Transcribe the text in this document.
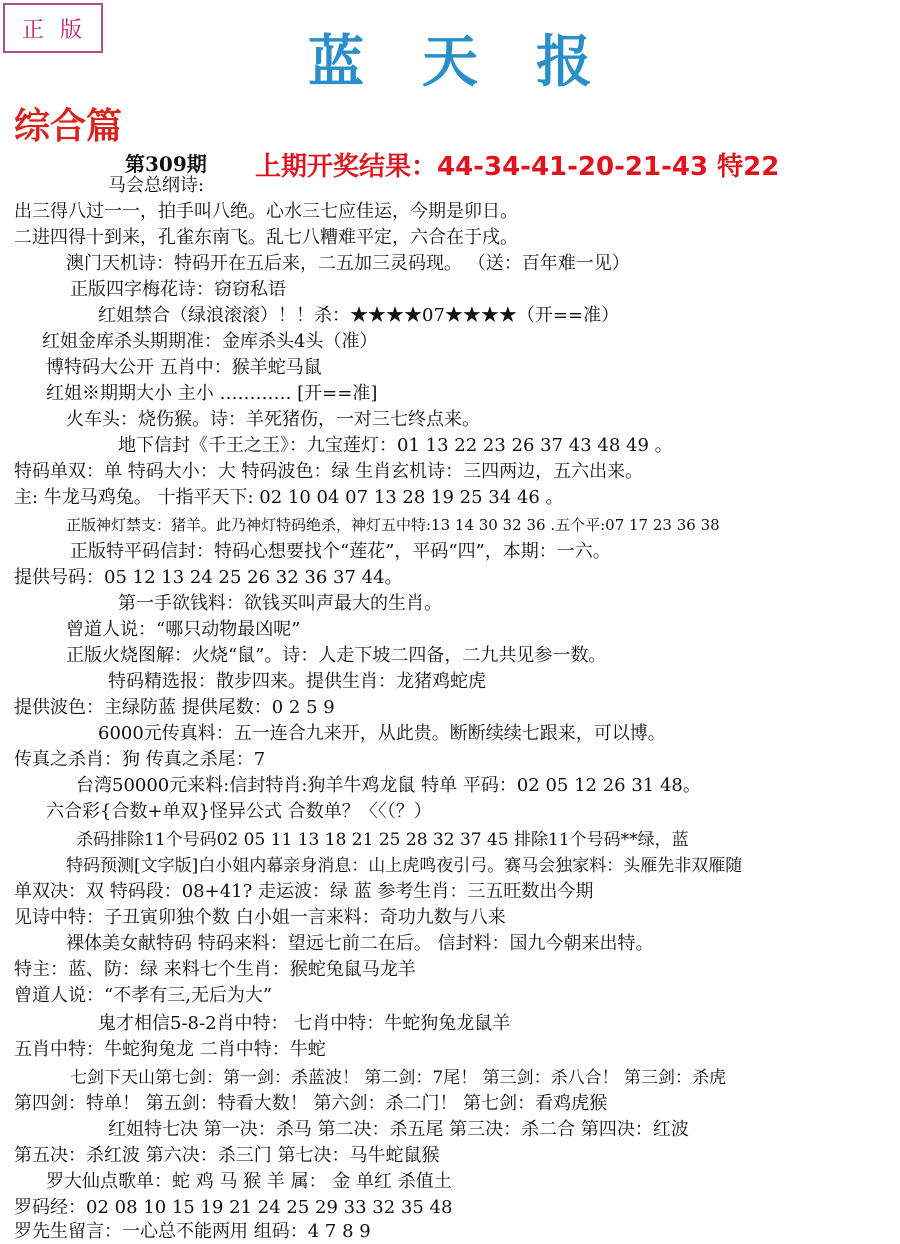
正版	蓝天报
综合篇
第309期 上期开奖结果：44-34-41-20-21-43 特22
马会总纲诗:
出三得八过一一，拍手叫八绝。心水三七应佳运，今期是卯日。
二进四得十到来，孔雀东南飞。乱七八糟难平定，六合在于戌。
澳门天机诗：特码开在五后来，二五加三灵码现。 （送：百年难一见）
正版四字梅花诗：窃窃私语
红姐禁合（绿浪滚滚）！！杀：★★★★07★★★★（开==准）
红姐金库杀头期期准：金库杀头4头（准）
博特码大公开 五肖中：猴羊蛇马鼠
红姐※期期大小 主小 ………… [开==准]
火车头：烧伤猴。诗：羊死猪伤，一对三七终点来。
地下信封《千王之王》：九宝莲灯：01 13 22 23 26 37 43 48 49 。
特码单双：单 特码大小：大 特码波色：绿 生肖玄机诗：三四两边，五六出来。
主: 牛龙马鸡兔。 十指平天下: 02 10 04 07 13 28 19 25 34 46 。
正版神灯禁支：猪羊。此乃神灯特码绝杀，神灯五中特:13 14 30 32 36 .五个平:07 17 23 36 38
正版特平码信封：特码心想要找个“莲花”，平码“四”，本期：一六。
提供号码：05 12 13 24 25 26 32 36 37 44。
第一手欲钱料：欲钱买叫声最大的生肖。
曾道人说：“哪只动物最凶呢”
正版火烧图解：火烧“鼠”。诗：人走下坡二四备，二九共见参一数。
特码精选报：散步四来。提供生肖：龙猪鸡蛇虎
提供波色：主绿防蓝 提供尾数：0 2 5 9
6000元传真料：五一连合九来开，从此贵。断断续续七跟来，可以博。
传真之杀肖：狗 传真之杀尾：7
台湾50000元来料:信封特肖:狗羊牛鸡龙鼠 特单 平码：02 05 12 26 31 48。
六合彩{合数+单双}怪异公式 合数单？〈〈（？）
杀码排除11个号码02 05 11 13 18 21 25 28 32 37 45 排除11个号码**绿，蓝
特码预测[文字版]白小姐内幕亲身消息：山上虎鸣夜引弓。赛马会独家料：头雁先非双雁随
单双决：双 特码段：08+41? 走运波：绿 蓝 参考生肖：三五旺数出今期
见诗中特：子丑寅卯独个数 白小姐一言来料：奇功九数与八来
裸体美女献特码 特码来料：望远七前二在后。 信封料：国九今朝来出特。
特主：蓝、防：绿 来料七个生肖：猴蛇兔鼠马龙羊
曾道人说：“不孝有三,无后为大”
鬼才相信5-8-2肖中特： 七肖中特：牛蛇狗兔龙鼠羊
五肖中特：牛蛇狗兔龙 二肖中特：牛蛇
七剑下天山第七剑：第一剑：杀蓝波！ 第二剑：7尾！ 第三剑：杀八合！ 第三剑：杀虎
第四剑：特单！ 第五剑：特看大数！ 第六剑：杀二门！ 第七剑：看鸡虎猴
红姐特七决 第一决：杀马 第二决：杀五尾 第三决：杀二合 第四决：红波
第五决：杀红波 第六决：杀三门 第七决：马牛蛇鼠猴
罗大仙点歌单：蛇 鸡 马 猴 羊 属： 金 单红 杀值土
罗码经：02 08 10 15 19 21 24 25 29 33 32 35 48
罗先生留言：一心总不能两用 组码：4 7 8 9
